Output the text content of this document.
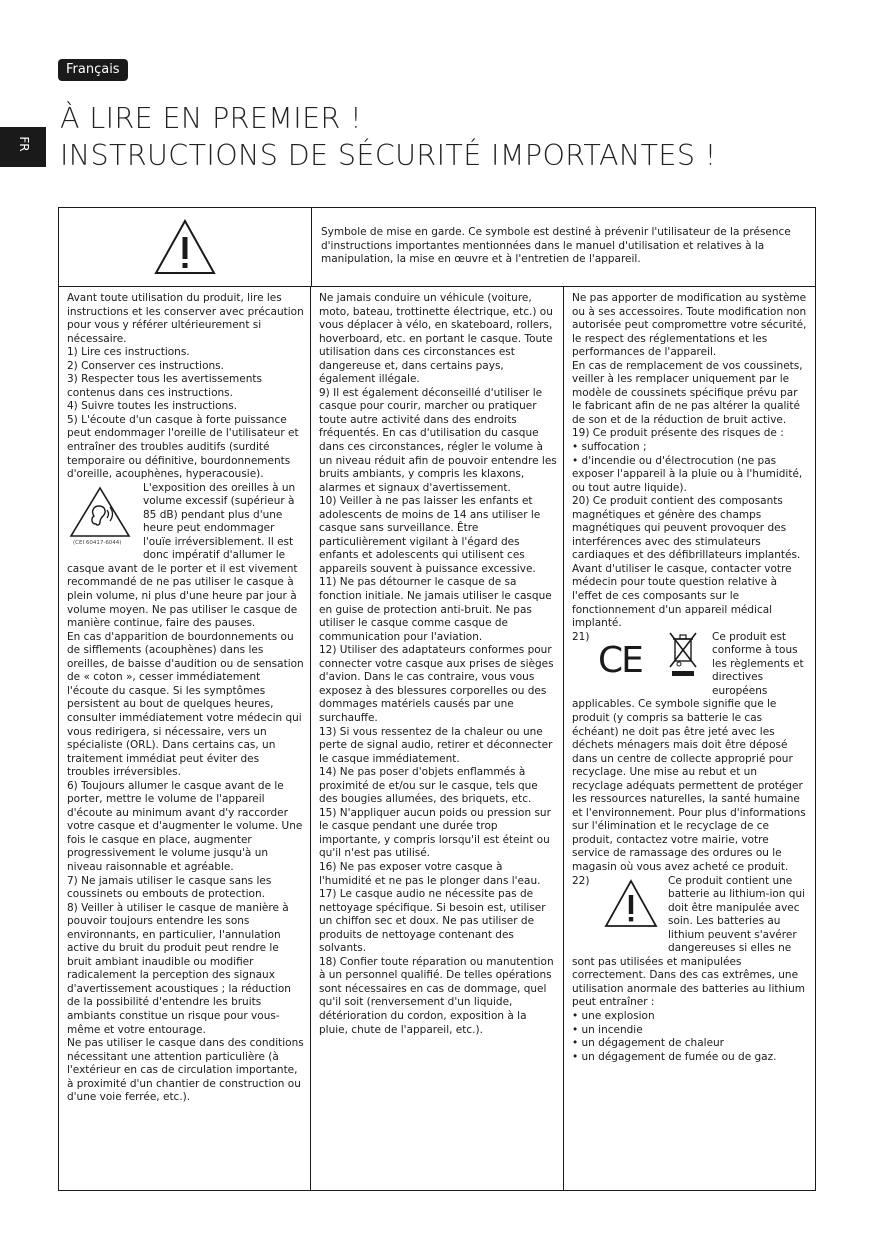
Français
FR
À LIRE EN PREMIER !
INSTRUCTIONS DE SÉCURITÉ IMPORTANTES !
Symbole de mise en garde. Ce symbole est destiné à prévenir l'utilisateur de la présence d'instructions importantes mentionnées dans le manuel d'utilisation et relatives à la manipulation, la mise en œuvre et à l'entretien de l'appareil.

Avant toute utilisation du produit, lire les instructions et les conserver avec précaution pour vous y référer ultérieurement si nécessaire.
1) Lire ces instructions.
2) Conserver ces instructions.
3) Respecter tous les avertissements contenus dans ces instructions.
4) Suivre toutes les instructions.
5) L'écoute d'un casque à forte puissance peut endommager l'oreille de l'utilisateur et entraîner des troubles auditifs (surdité temporaire ou définitive, bourdonnements d'oreille, acouphènes, hyperacousie).

(CEI 60417-6044)

L'exposition des oreilles à un volume excessif (supérieur à 85 dB) pendant plus d'une heure peut endommager l'ouïe irréversiblement. Il est donc impératif d'allumer le casque avant de le porter et il est vivement recommandé de ne pas utiliser le casque à plein volume, ni plus d'une heure par jour à volume moyen. Ne pas utiliser le casque de manière continue, faire des pauses.
En cas d'apparition de bourdonnements ou de sifflements (acouphènes) dans les oreilles, de baisse d'audition ou de sensation de « coton », cesser immédiatement l'écoute du casque. Si les symptômes persistent au bout de quelques heures, consulter immédiatement votre médecin qui vous redirigera, si nécessaire, vers un spécialiste (ORL). Dans certains cas, un traitement immédiat peut éviter des troubles irréversibles.
6) Toujours allumer le casque avant de le porter, mettre le volume de l'appareil d'écoute au minimum avant d'y raccorder votre casque et d'augmenter le volume. Une fois le casque en place, augmenter progressivement le volume jusqu'à un niveau raisonnable et agréable.
7) Ne jamais utiliser le casque sans les coussinets ou embouts de protection.
8) Veiller à utiliser le casque de manière à pouvoir toujours entendre les sons environnants, en particulier, l'annulation active du bruit du produit peut rendre le bruit ambiant inaudible ou modifier radicalement la perception des signaux d'avertissement acoustiques ; la réduction de la possibilité d'entendre les bruits ambiants constitue un risque pour vous-même et votre entourage.
Ne pas utiliser le casque dans des conditions nécessitant une attention particulière (à l'extérieur en cas de circulation importante, à proximité d'un chantier de construction ou d'une voie ferrée, etc.).

Ne jamais conduire un véhicule (voiture, moto, bateau, trottinette électrique, etc.) ou vous déplacer à vélo, en skateboard, rollers, hoverboard, etc. en portant le casque. Toute utilisation dans ces circonstances est dangereuse et, dans certains pays, également illégale.
9) Il est également déconseillé d'utiliser le casque pour courir, marcher ou pratiquer toute autre activité dans des endroits fréquentés. En cas d'utilisation du casque dans ces circonstances, régler le volume à un niveau réduit afin de pouvoir entendre les bruits ambiants, y compris les klaxons, alarmes et signaux d'avertissement.
10) Veiller à ne pas laisser les enfants et adolescents de moins de 14 ans utiliser le casque sans surveillance. Être particulièrement vigilant à l'égard des enfants et adolescents qui utilisent ces appareils souvent à puissance excessive.
11) Ne pas détourner le casque de sa fonction initiale. Ne jamais utiliser le casque en guise de protection anti-bruit. Ne pas utiliser le casque comme casque de communication pour l'aviation.
12) Utiliser des adaptateurs conformes pour connecter votre casque aux prises de sièges d'avion. Dans le cas contraire, vous vous exposez à des blessures corporelles ou des dommages matériels causés par une surchauffe.
13) Si vous ressentez de la chaleur ou une perte de signal audio, retirer et déconnecter le casque immédiatement.
14) Ne pas poser d'objets enflammés à proximité de et/ou sur le casque, tels que des bougies allumées, des briquets, etc.
15) N'appliquer aucun poids ou pression sur le casque pendant une durée trop importante, y compris lorsqu'il est éteint ou qu'il n'est pas utilisé.
16) Ne pas exposer votre casque à l'humidité et ne pas le plonger dans l'eau.
17) Le casque audio ne nécessite pas de nettoyage spécifique. Si besoin est, utiliser un chiffon sec et doux. Ne pas utiliser de produits de nettoyage contenant des solvants.
18) Confier toute réparation ou manutention à un personnel qualifié. De telles opérations sont nécessaires en cas de dommage, quel qu'il soit (renversement d'un liquide, détérioration du cordon, exposition à la pluie, chute de l'appareil, etc.).

Ne pas apporter de modification au système ou à ses accessoires. Toute modification non autorisée peut compromettre votre sécurité, le respect des réglementations et les performances de l'appareil.
En cas de remplacement de vos coussinets, veiller à les remplacer uniquement par le modèle de coussinets spécifique prévu par le fabricant afin de ne pas altérer la qualité de son et de la réduction de bruit active.
19) Ce produit présente des risques de :
• suffocation ;
• d'incendie ou d'électrocution (ne pas exposer l'appareil à la pluie ou à l'humidité, ou tout autre liquide).
20) Ce produit contient des composants magnétiques et génère des champs magnétiques qui peuvent provoquer des interférences avec des stimulateurs cardiaques et des défibrillateurs implantés. Avant d'utiliser le casque, contacter votre médecin pour toute question relative à l'effet de ces composants sur le fonctionnement d'un appareil médical implanté.

21)
CE

Ce produit est conforme à tous les règlements et directives européens applicables. Ce symbole signifie que le produit (y compris sa batterie le cas échéant) ne doit pas être jeté avec les déchets ménagers mais doit être déposé dans un centre de collecte approprié pour recyclage. Une mise au rebut et un recyclage adéquats permettent de protéger les ressources naturelles, la santé humaine et l'environnement. Pour plus d'informations sur l'élimination et le recyclage de ce produit, contactez votre mairie, votre service de ramassage des ordures ou le magasin où vous avez acheté ce produit.

22)	Ce produit contient une batterie au lithium-ion qui doit être manipulée avec soin. Les batteries au lithium peuvent s'avérer dangereuses si elles ne sont pas utilisées et manipulées correctement. Dans des cas extrêmes, une utilisation anormale des batteries au lithium peut entraîner :
• une explosion
• un incendie
• un dégagement de chaleur
• un dégagement de fumée ou de gaz.
